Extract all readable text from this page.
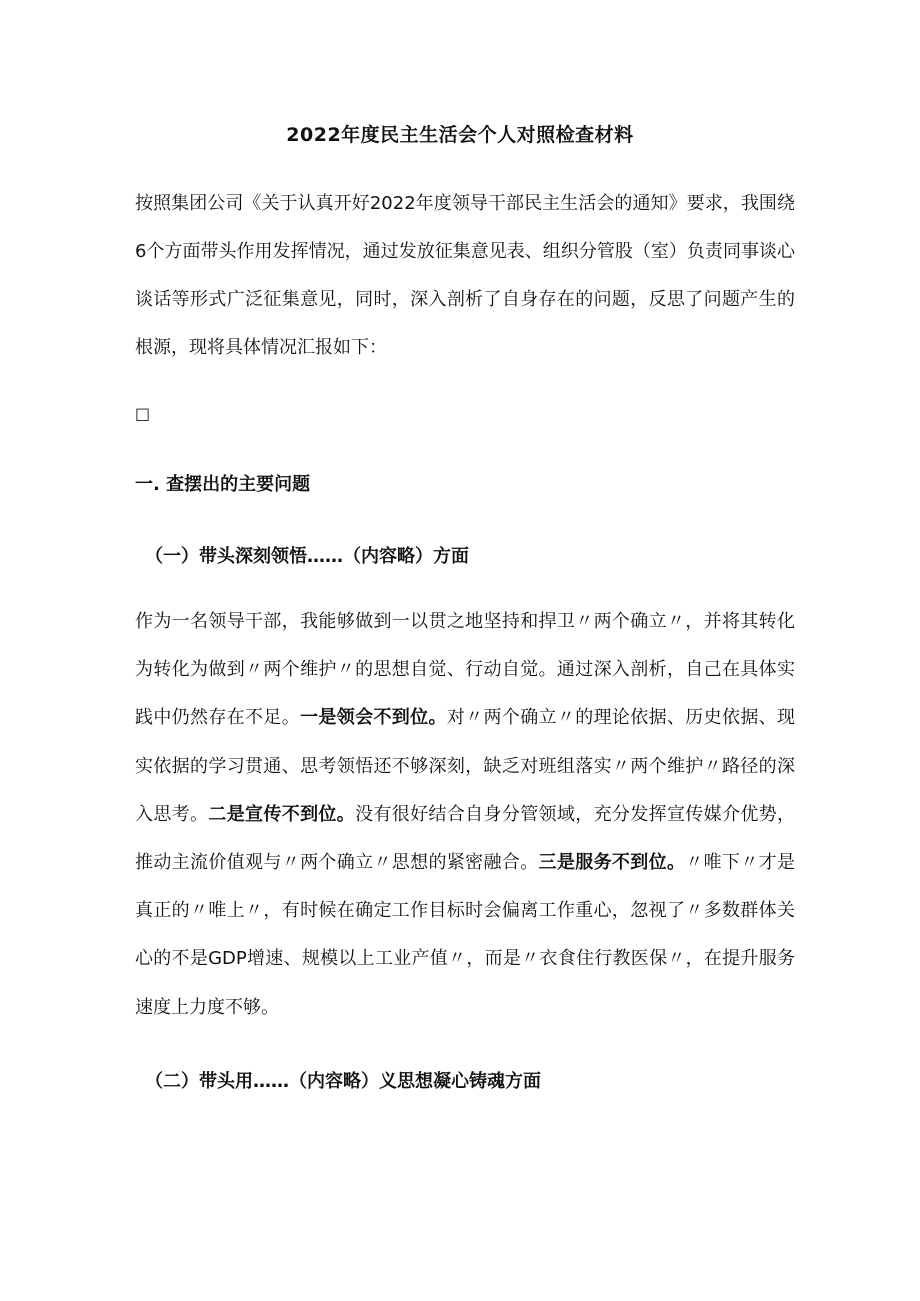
2022年度民主生活会个人对照检查材料

按照集团公司《关于认真开好2022年度领导干部民主生活会的通知》要求，我围绕6个方面带头作用发挥情况，通过发放征集意见表、组织分管股（室）负责同事谈心谈话等形式广泛征集意见，同时，深入剖析了自身存在的问题，反思了问题产生的根源，现将具体情况汇报如下：

□
一. 查摆出的主要问题
（一）带头深刻领悟……（内容略）方面

作为一名领导干部，我能够做到一以贯之地坚持和捍卫〃两个确立〃，并将其转化为转化为做到〃两个维护〃的思想自觉、行动自觉。通过深入剖析，自己在具体实践中仍然存在不足。一是领会不到位。对〃两个确立〃的理论依据、历史依据、现实依据的学习贯通、思考领悟还不够深刻，缺乏对班组落实〃两个维护〃路径的深入思考。二是宣传不到位。没有很好结合自身分管领域，充分发挥宣传媒介优势，推动主流价值观与〃两个确立〃思想的紧密融合。三是服务不到位。〃唯下〃才是真正的〃唯上〃，有时候在确定工作目标时会偏离工作重心，忽视了〃多数群体关心的不是GDP增速、规模以上工业产值〃，而是〃衣食住行教医保〃，在提升服务速度上力度不够。

（二）带头用……（内容略）义思想凝心铸魂方面
